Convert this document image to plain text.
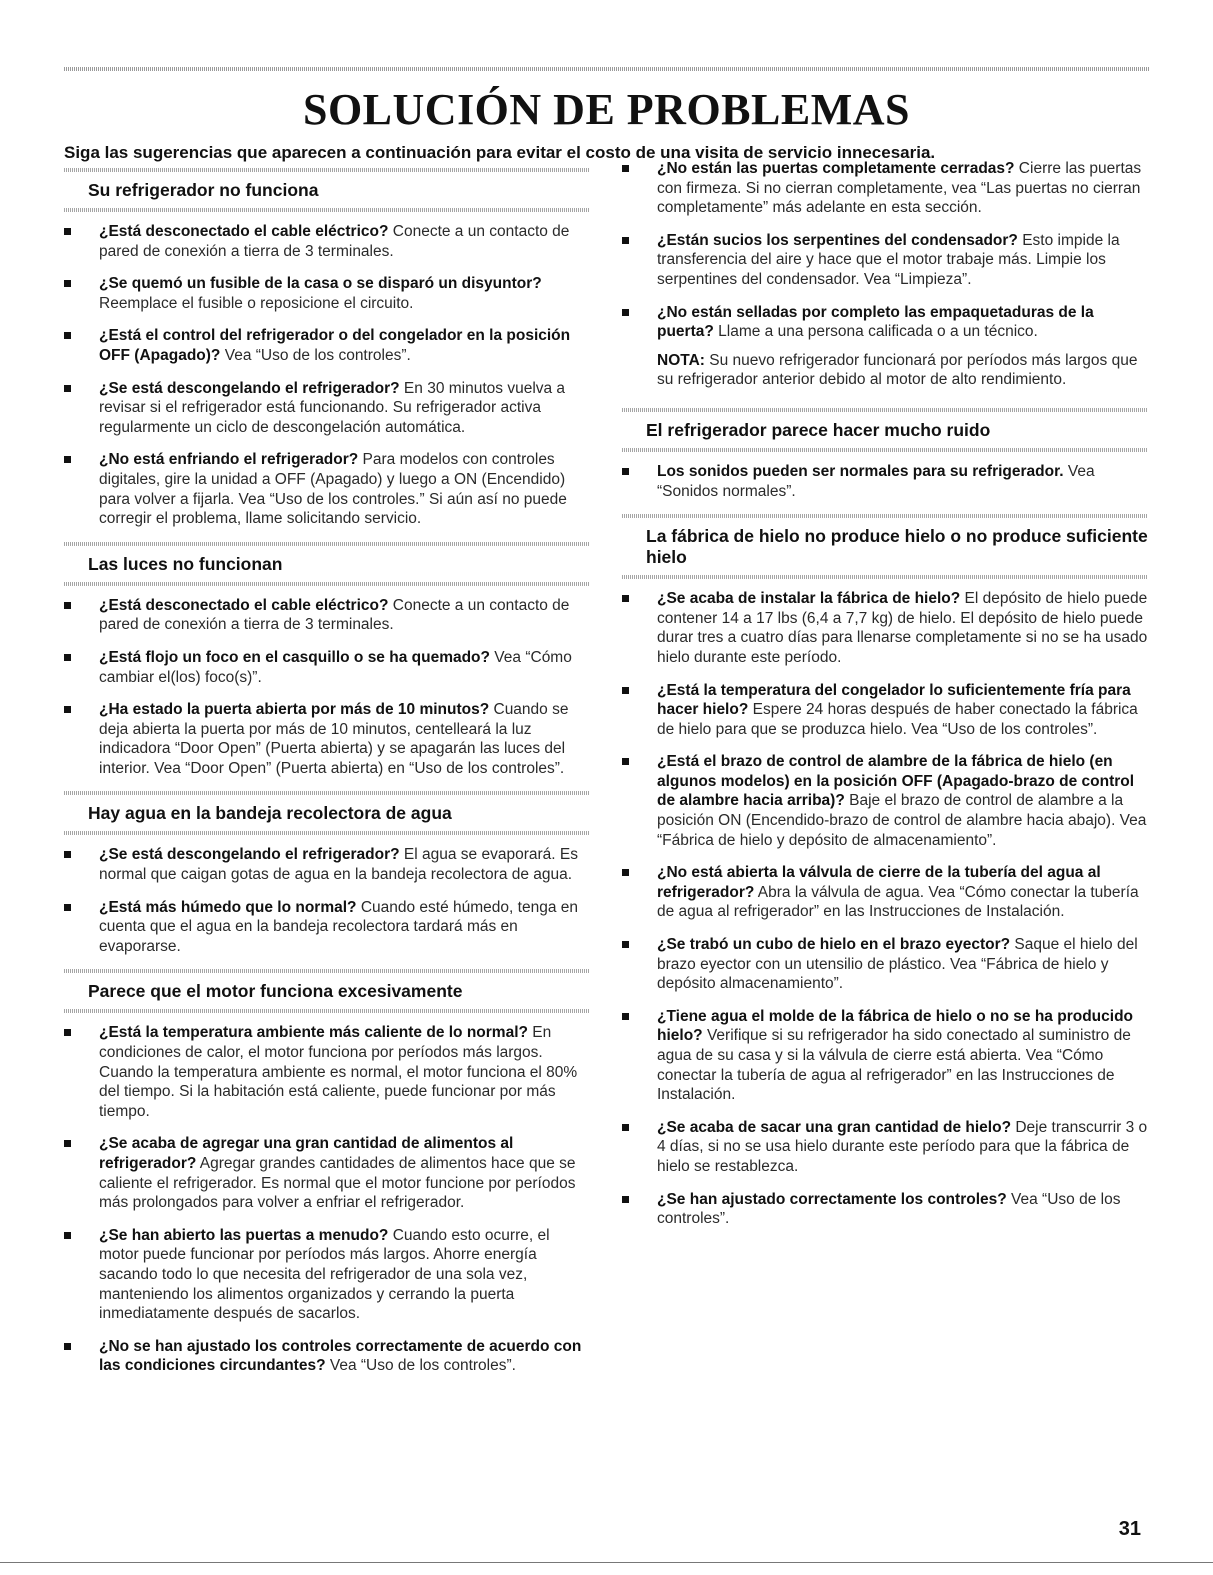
SOLUCIÓN DE PROBLEMAS
Siga las sugerencias que aparecen a continuación para evitar el costo de una visita de servicio innecesaria.
Su refrigerador no funciona
¿Está desconectado el cable eléctrico? Conecte a un contacto de pared de conexión a tierra de 3 terminales.
¿Se quemó un fusible de la casa o se disparó un disyuntor? Reemplace el fusible o reposicione el circuito.
¿Está el control del refrigerador o del congelador en la posición OFF (Apagado)? Vea “Uso de los controles”.
¿Se está descongelando el refrigerador? En 30 minutos vuelva a revisar si el refrigerador está funcionando. Su refrigerador activa regularmente un ciclo de descongelación automática.
¿No está enfriando el refrigerador? Para modelos con controles digitales, gire la unidad a OFF (Apagado) y luego a ON (Encendido) para volver a fijarla. Vea “Uso de los controles.” Si aún así no puede corregir el problema, llame solicitando servicio.
Las luces no funcionan
¿Está desconectado el cable eléctrico? Conecte a un contacto de pared de conexión a tierra de 3 terminales.
¿Está flojo un foco en el casquillo o se ha quemado? Vea “Cómo cambiar el(los) foco(s)”.
¿Ha estado la puerta abierta por más de 10 minutos? Cuando se deja abierta la puerta por más de 10 minutos, centelleará la luz indicadora “Door Open” (Puerta abierta) y se apagarán las luces del interior. Vea “Door Open” (Puerta abierta) en “Uso de los controles”.
Hay agua en la bandeja recolectora de agua
¿Se está descongelando el refrigerador? El agua se evaporará. Es normal que caigan gotas de agua en la bandeja recolectora de agua.
¿Está más húmedo que lo normal? Cuando esté húmedo, tenga en cuenta que el agua en la bandeja recolectora tardará más en evaporarse.
Parece que el motor funciona excesivamente
¿Está la temperatura ambiente más caliente de lo normal? En condiciones de calor, el motor funciona por períodos más largos. Cuando la temperatura ambiente es normal, el motor funciona el 80% del tiempo. Si la habitación está caliente, puede funcionar por más tiempo.
¿Se acaba de agregar una gran cantidad de alimentos al refrigerador? Agregar grandes cantidades de alimentos hace que se caliente el refrigerador. Es normal que el motor funcione por períodos más prolongados para volver a enfriar el refrigerador.
¿Se han abierto las puertas a menudo? Cuando esto ocurre, el motor puede funcionar por períodos más largos. Ahorre energía sacando todo lo que necesita del refrigerador de una sola vez, manteniendo los alimentos organizados y cerrando la puerta inmediatamente después de sacarlos.
¿No se han ajustado los controles correctamente de acuerdo con las condiciones circundantes? Vea “Uso de los controles”.
¿No están las puertas completamente cerradas? Cierre las puertas con firmeza. Si no cierran completamente, vea “Las puertas no cierran completamente” más adelante en esta sección.
¿Están sucios los serpentines del condensador? Esto impide la transferencia del aire y hace que el motor trabaje más. Limpie los serpentines del condensador. Vea “Limpieza”.
¿No están selladas por completo las empaquetaduras de la puerta? Llame a una persona calificada o a un técnico.
NOTA: Su nuevo refrigerador funcionará por períodos más largos que su refrigerador anterior debido al motor de alto rendimiento.
El refrigerador parece hacer mucho ruido
Los sonidos pueden ser normales para su refrigerador. Vea “Sonidos normales”.
La fábrica de hielo no produce hielo o no produce suficiente hielo
¿Se acaba de instalar la fábrica de hielo? El depósito de hielo puede contener 14 a 17 lbs (6,4 a 7,7 kg) de hielo. El depósito de hielo puede durar tres a cuatro días para llenarse completamente si no se ha usado hielo durante este período.
¿Está la temperatura del congelador lo suficientemente fría para hacer hielo? Espere 24 horas después de haber conectado la fábrica de hielo para que se produzca hielo. Vea “Uso de los controles”.
¿Está el brazo de control de alambre de la fábrica de hielo (en algunos modelos) en la posición OFF (Apagado-brazo de control de alambre hacia arriba)? Baje el brazo de control de alambre a la posición ON (Encendido-brazo de control de alambre hacia abajo). Vea “Fábrica de hielo y depósito de almacenamiento”.
¿No está abierta la válvula de cierre de la tubería del agua al refrigerador? Abra la válvula de agua. Vea “Cómo conectar la tubería de agua al refrigerador” en las Instrucciones de Instalación.
¿Se trabó un cubo de hielo en el brazo eyector? Saque el hielo del brazo eyector con un utensilio de plástico. Vea “Fábrica de hielo y depósito almacenamiento”.
¿Tiene agua el molde de la fábrica de hielo o no se ha producido hielo? Verifique si su refrigerador ha sido conectado al suministro de agua de su casa y si la válvula de cierre está abierta. Vea “Cómo conectar la tubería de agua al refrigerador” en las Instrucciones de Instalación.
¿Se acaba de sacar una gran cantidad de hielo? Deje transcurrir 3 o 4 días, si no se usa hielo durante este período para que la fábrica de hielo se restablezca.
¿Se han ajustado correctamente los controles? Vea “Uso de los controles”.
31
